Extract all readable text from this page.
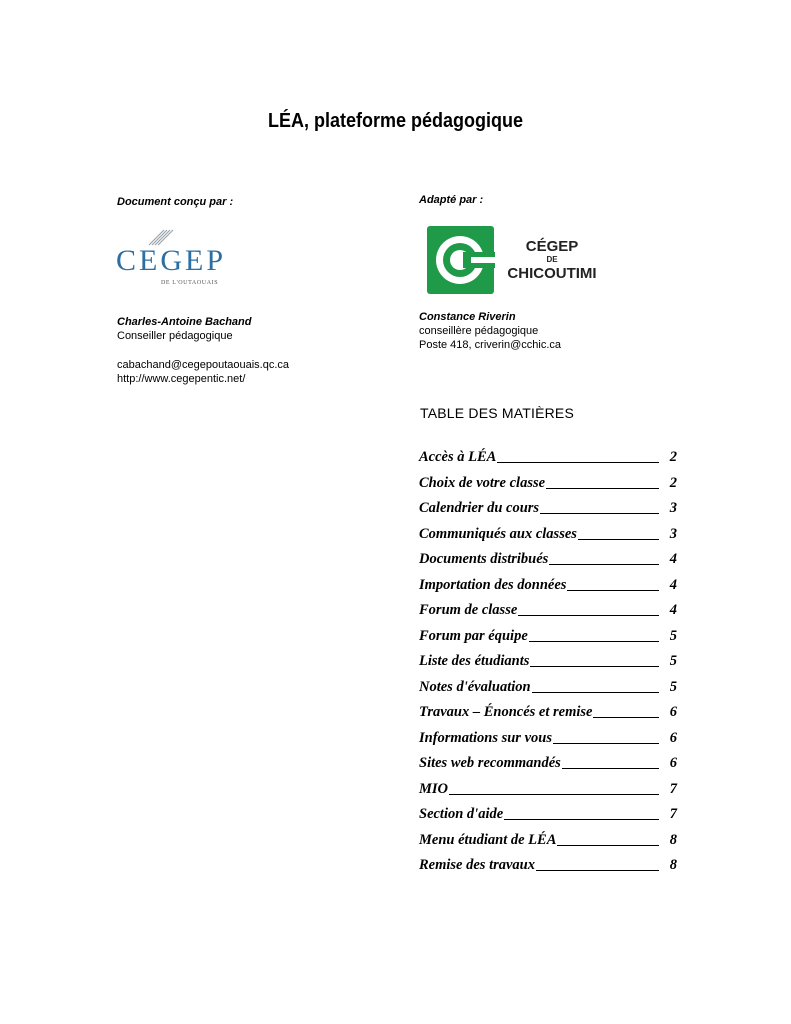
LÉA, plateforme pédagogique
Document conçu par :
CEGEP
DE L'OUTAOUAIS
Charles-Antoine Bachand
Conseiller pédagogique
cabachand@cegepoutaouais.qc.ca
http://www.cegepentic.net/
Adapté par :
CÉGEP
DE
CHICOUTIMI
Constance Riverin
conseillère pédagogique
Poste 418, criverin@cchic.ca
TABLE DES MATIÈRES
Accès à LÉA	2
Choix de votre classe	2
Calendrier du cours	3
Communiqués aux classes	3
Documents distribués	4
Importation des données	4
Forum de classe	4
Forum par équipe	5
Liste des étudiants	5
Notes d'évaluation	5
Travaux – Énoncés et remise	6
Informations sur vous	6
Sites web recommandés	6
MIO	7
Section d'aide	7
Menu étudiant de LÉA	8
Remise des travaux	8
